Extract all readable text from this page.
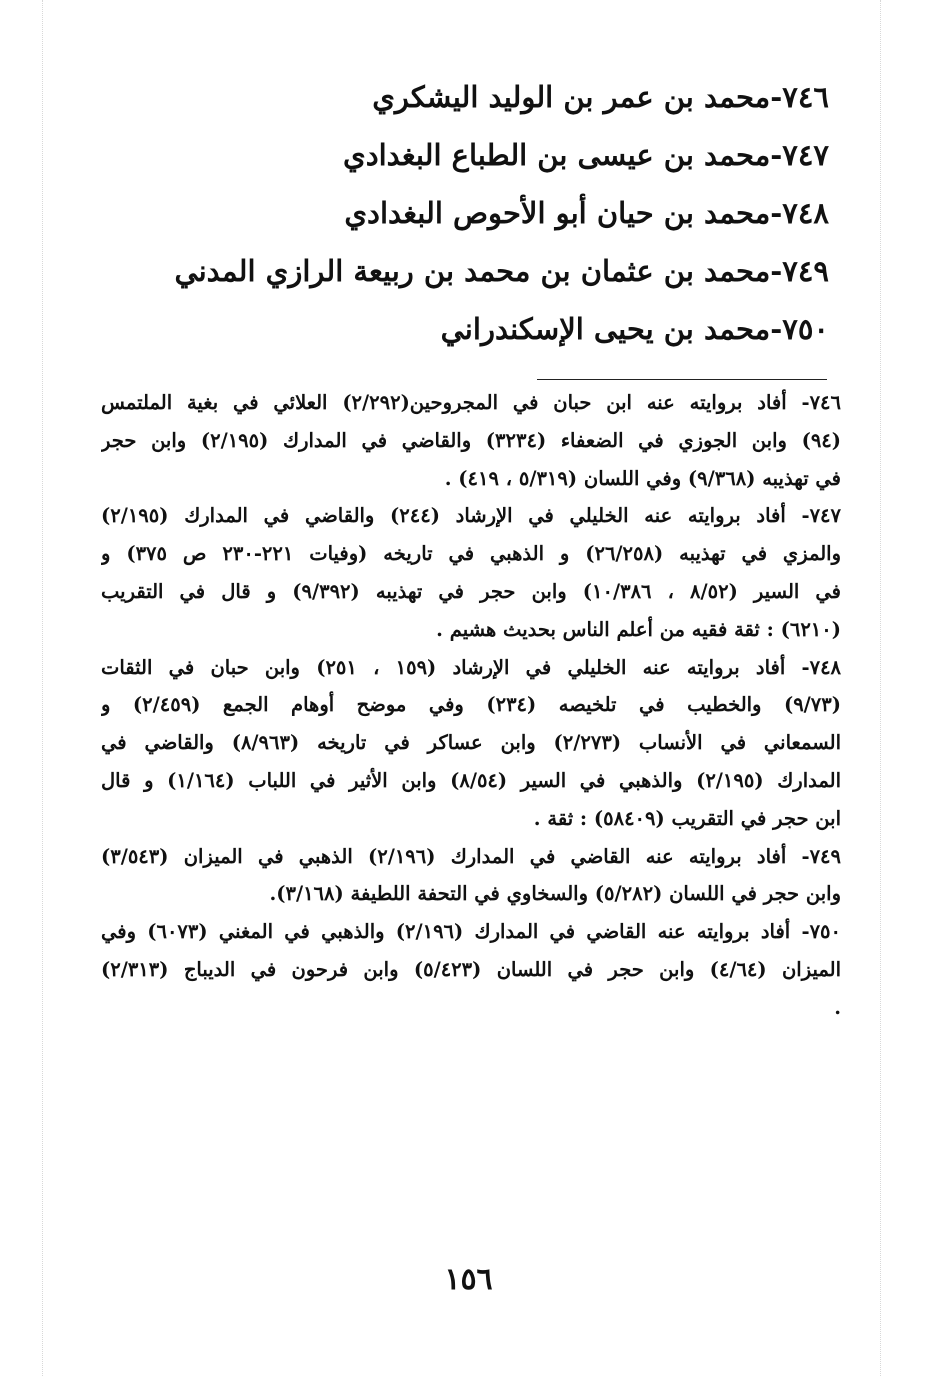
٧٤٦-محمد بن عمر بن الوليد اليشكري
٧٤٧-محمد بن عيسى بن الطباع البغدادي
٧٤٨-محمد بن حيان أبو الأحوص البغدادي
٧٤٩-محمد بن عثمان بن محمد بن ربيعة الرازي المدني
٧٥٠-محمد بن يحيى الإسكندراني

٧٤٦- أفاد بروايته عنه ابن حبان في المجروحين(٢/٢٩٢) العلائي في بغية الملتمس

(٩٤) وابن الجوزي في الضعفاء (٣٢٣٤) والقاضي في المدارك (٢/١٩٥) وابن حجر

في تهذيبه (٩/٣٦٨) وفي اللسان (٥/٣١٩ ، ٤١٩) .

٧٤٧- أفاد بروايته عنه الخليلي في الإرشاد (٢٤٤) والقاضي في المدارك (٢/١٩٥)

والمزي في تهذيبه (٢٦/٢٥٨) و الذهبي في تاريخه (وفيات ٢٢١-٢٣٠ ص ٣٧٥) و

في السير (٨/٥٢ ، ١٠/٣٨٦) وابن حجر في تهذيبه (٩/٣٩٢) و قال في التقريب

(٦٢١٠) : ثقة فقيه من أعلم الناس بحديث هشيم .

٧٤٨- أفاد بروايته عنه الخليلي في الإرشاد (١٥٩ ، ٢٥١) وابن حبان في الثقات

(٩/٧٣) والخطيب في تلخيصه (٢٣٤) وفي موضح أوهام الجمع (٢/٤٥٩) و

السمعاني في الأنساب (٢/٢٧٣) وابن عساكر في تاريخه (٨/٩٦٣) والقاضي في

المدارك (٢/١٩٥) والذهبي في السير (٨/٥٤) وابن الأثير في اللباب (١/١٦٤) و قال

ابن حجر في التقريب (٥٨٤٠٩) : ثقة .

٧٤٩- أفاد بروايته عنه القاضي في المدارك (٢/١٩٦) الذهبي في الميزان (٣/٥٤٣)

وابن حجر في اللسان (٥/٢٨٢) والسخاوي في التحفة اللطيفة (٣/١٦٨).

٧٥٠- أفاد بروايته عنه القاضي في المدارك (٢/١٩٦) والذهبي في المغني (٦٠٧٣) وفي

الميزان (٤/٦٤) وابن حجر في اللسان (٥/٤٢٣) وابن فرحون في الديباج (٢/٣١٣)

.

١٥٦
